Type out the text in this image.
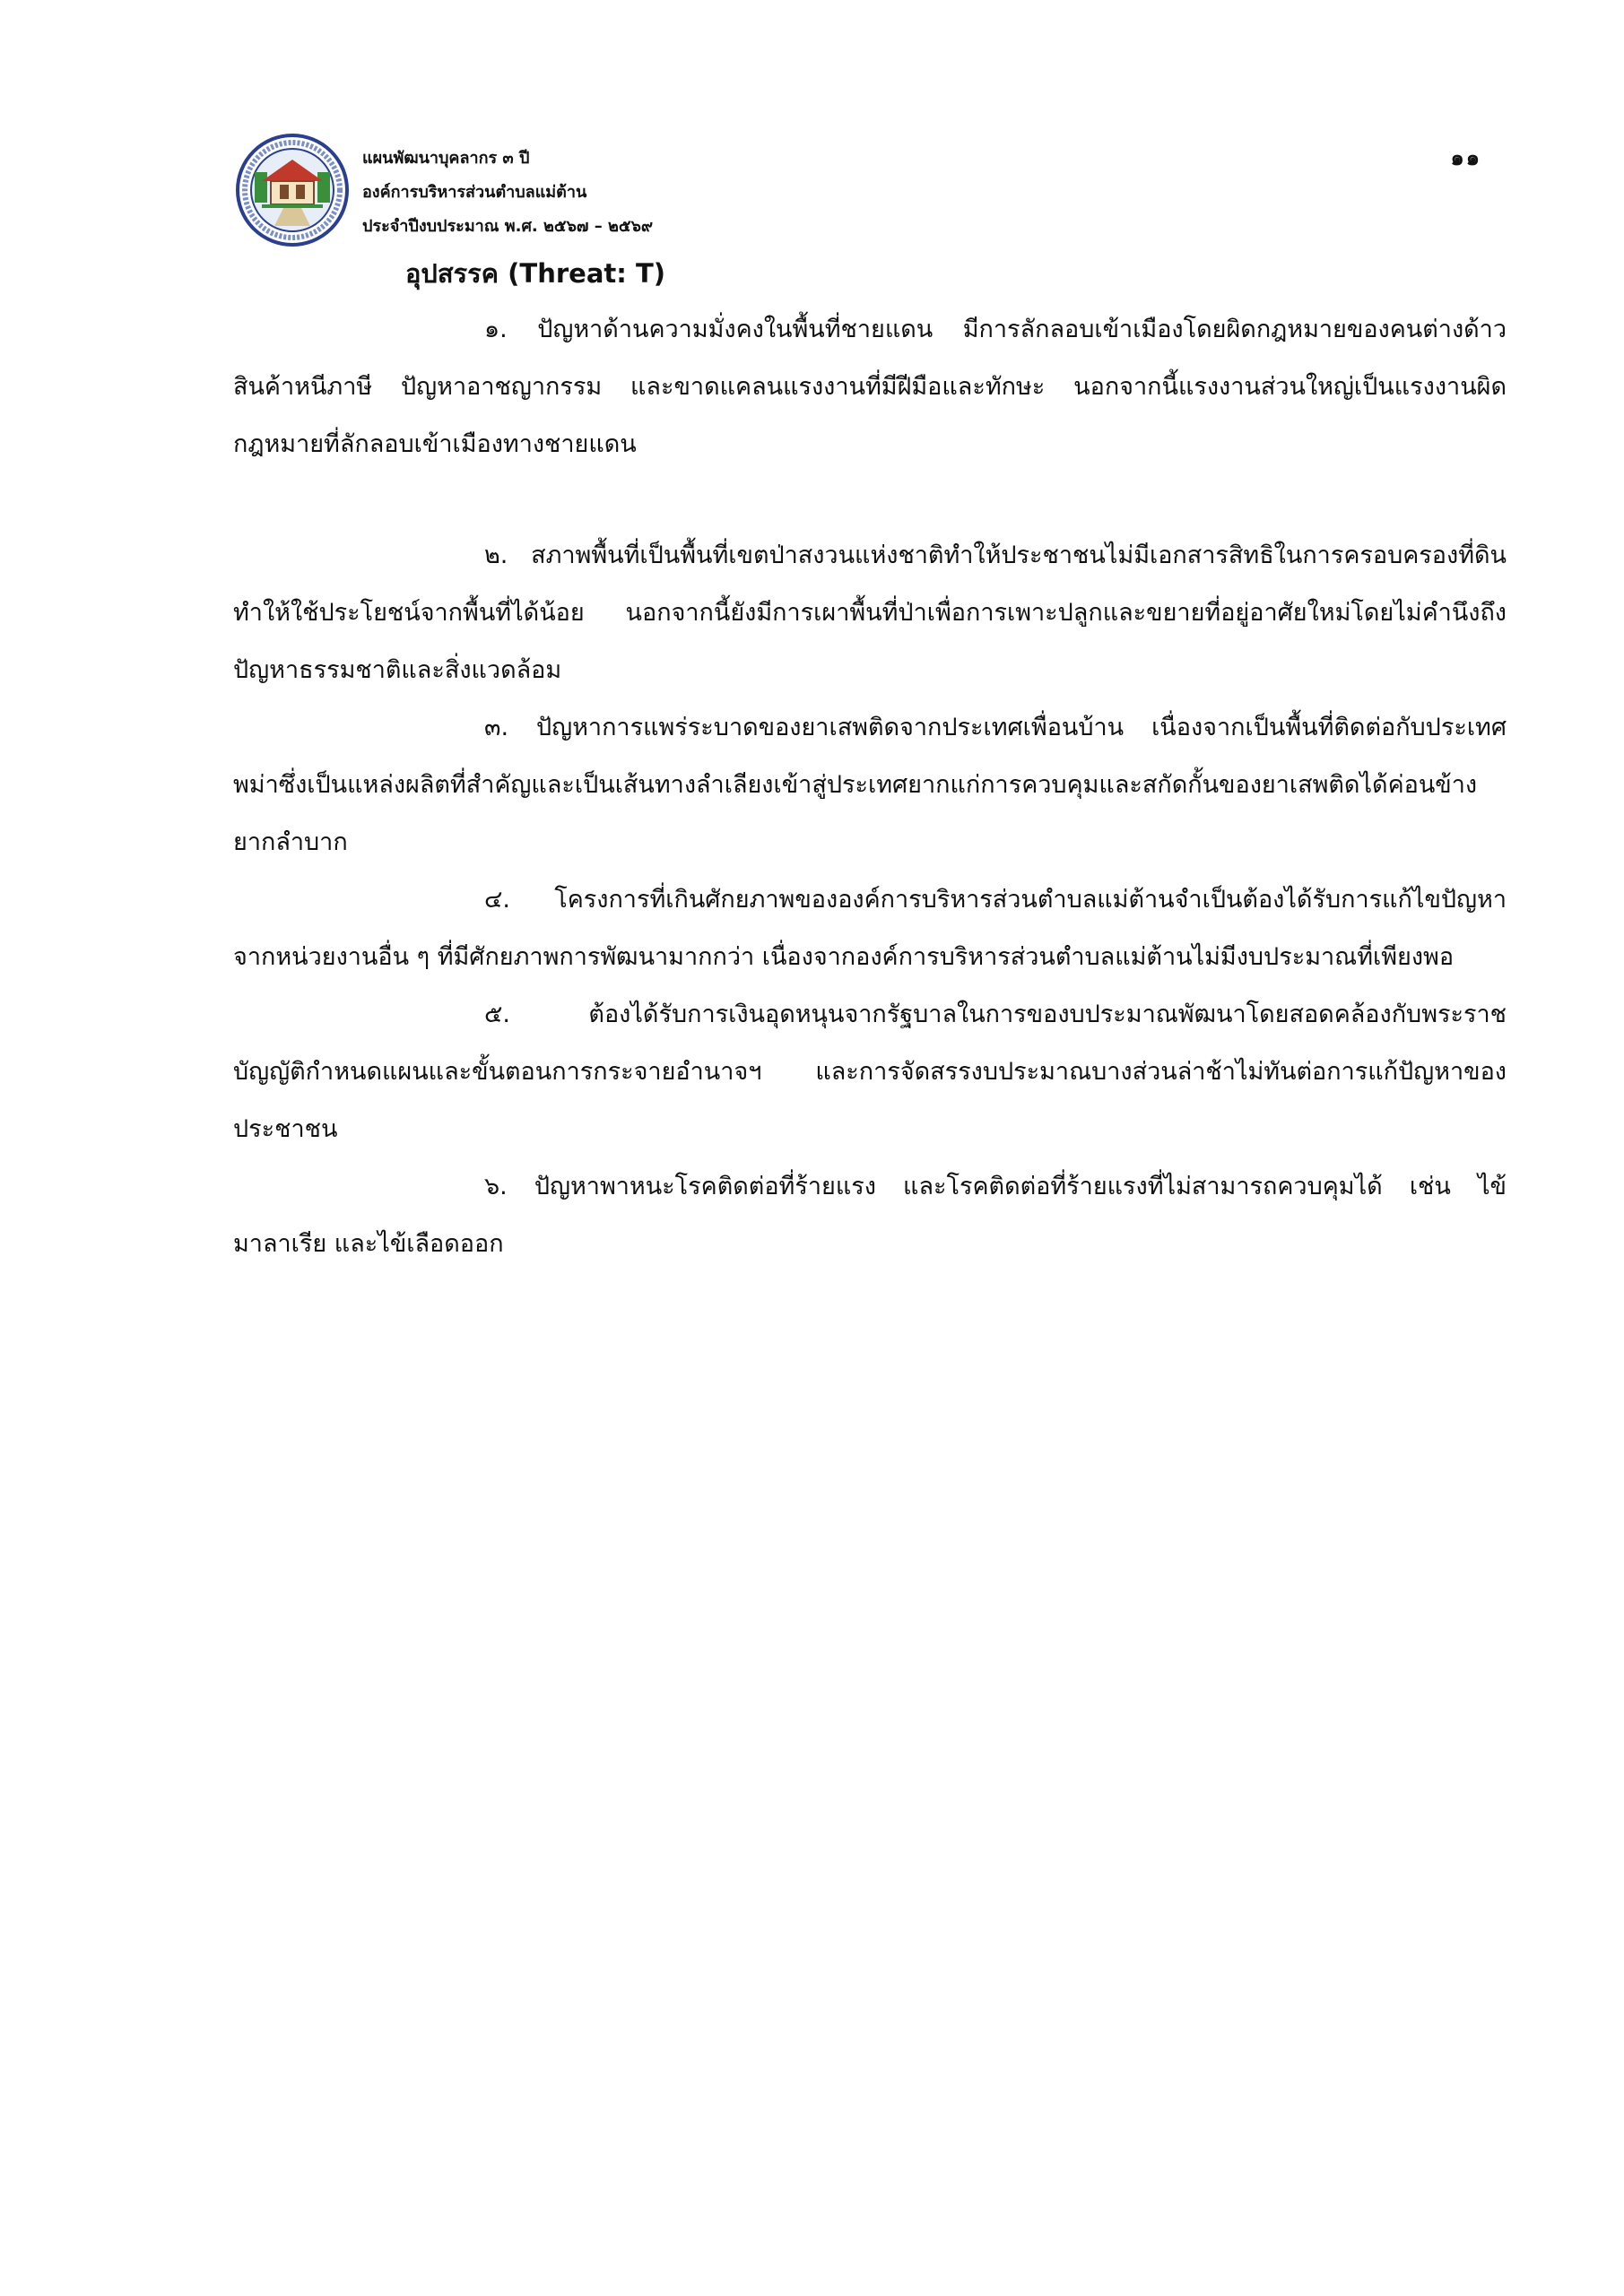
แผนพัฒนาบุคลากร ๓ ปี
องค์การบริหารส่วนตำบลแม่ต้าน
ประจำปีงบประมาณ พ.ศ. ๒๕๖๗ – ๒๕๖๙
๑๑
อุปสรรค (Threat: T)

๑. ปัญหาด้านความมั่งคงในพื้นที่ชายแดน มีการลักลอบเข้าเมืองโดยผิดกฎหมายของคนต่างด้าว สินค้าหนีภาษี ปัญหาอาชญากรรม และขาดแคลนแรงงานที่มีฝีมือและทักษะ นอกจากนี้แรงงานส่วนใหญ่เป็นแรงงานผิดกฎหมายที่ลักลอบเข้าเมืองทางชายแดน

๒. สภาพพื้นที่เป็นพื้นที่เขตป่าสงวนแห่งชาติทำให้ประชาชนไม่มีเอกสารสิทธิในการครอบครองที่ดิน ทำให้ใช้ประโยชน์จากพื้นที่ได้น้อย นอกจากนี้ยังมีการเผาพื้นที่ป่าเพื่อการเพาะปลูกและขยายที่อยู่อาศัยใหม่โดยไม่คำนึงถึงปัญหาธรรมชาติและสิ่งแวดล้อม

๓. ปัญหาการแพร่ระบาดของยาเสพติดจากประเทศเพื่อนบ้าน เนื่องจากเป็นพื้นที่ติดต่อกับประเทศพม่าซึ่งเป็นแหล่งผลิตที่สำคัญและเป็นเส้นทางลำเลียงเข้าสู่ประเทศยากแก่การควบคุมและสกัดกั้นของยาเสพติดได้ค่อนข้างยากลำบาก

๔. โครงการที่เกินศักยภาพขององค์การบริหารส่วนตำบลแม่ต้านจำเป็นต้องได้รับการแก้ไขปัญหาจากหน่วยงานอื่น ๆ ที่มีศักยภาพการพัฒนามากกว่า เนื่องจากองค์การบริหารส่วนตำบลแม่ต้านไม่มีงบประมาณที่เพียงพอ

๕. ต้องได้รับการเงินอุดหนุนจากรัฐบาลในการของบประมาณพัฒนาโดยสอดคล้องกับพระราชบัญญัติกำหนดแผนและขั้นตอนการกระจายอำนาจฯ และการจัดสรรงบประมาณบางส่วนล่าช้าไม่ทันต่อการแก้ปัญหาของประชาชน

๖. ปัญหาพาหนะโรคติดต่อที่ร้ายแรง และโรคติดต่อที่ร้ายแรงที่ไม่สามารถควบคุมได้ เช่น ไข้มาลาเรีย และไข้เลือดออก
